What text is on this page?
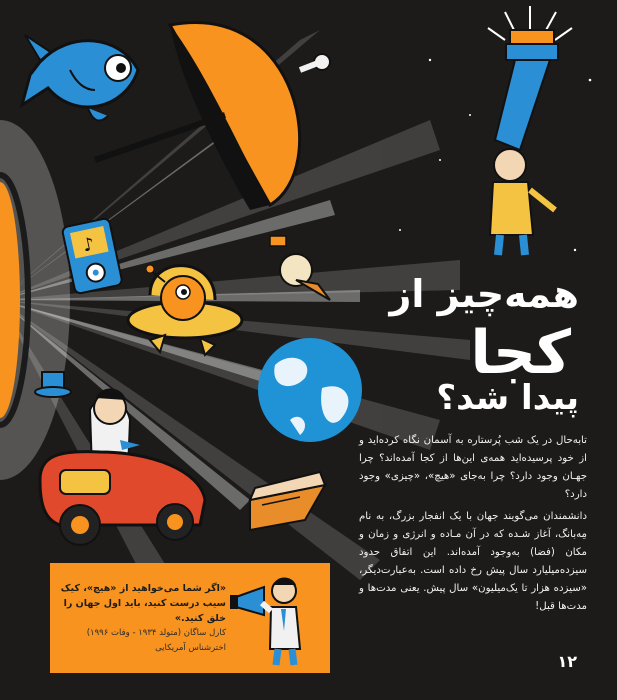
♪
همه‌چیز از
کجا
پیدا شد؟

تا‌به‌حال در یک شب پُرستاره به آسمان نگاه کرده‌اید و از خود پرسیده‌اید همه‌ی این‌ها از کجا آمده‌اند؟ چرا جهـان وجود دارد؟ چرا به‌جای «هیچ»، «چیزی» وجود دارد؟

دانشمندان می‌گویند جهان با یک انفجار بزرگ، به نام مِه‌بانگ، آغاز شـده که در آن مـاده و انرژی و زمان و مکان (فضا) به‌وجود آمده‌اند. این اتفاق حدود سیزده‌میلیارد سال پیش رخ داده است. به‌عبارت‌دیگر، «سیزده هزار تا یک‌میلیون» سال پیش. یعنی مدت‌ها و مدت‌ها قبل!

۱۲
«اگر شما می‌خواهید از «هیچ»، کیک سیب درست کنید، باید اول جهان را خلق کنید.»
کارل ساگان (متولد ۱۹۳۴ - وفات ۱۹۹۶)
اخترشناس آمریکایی
